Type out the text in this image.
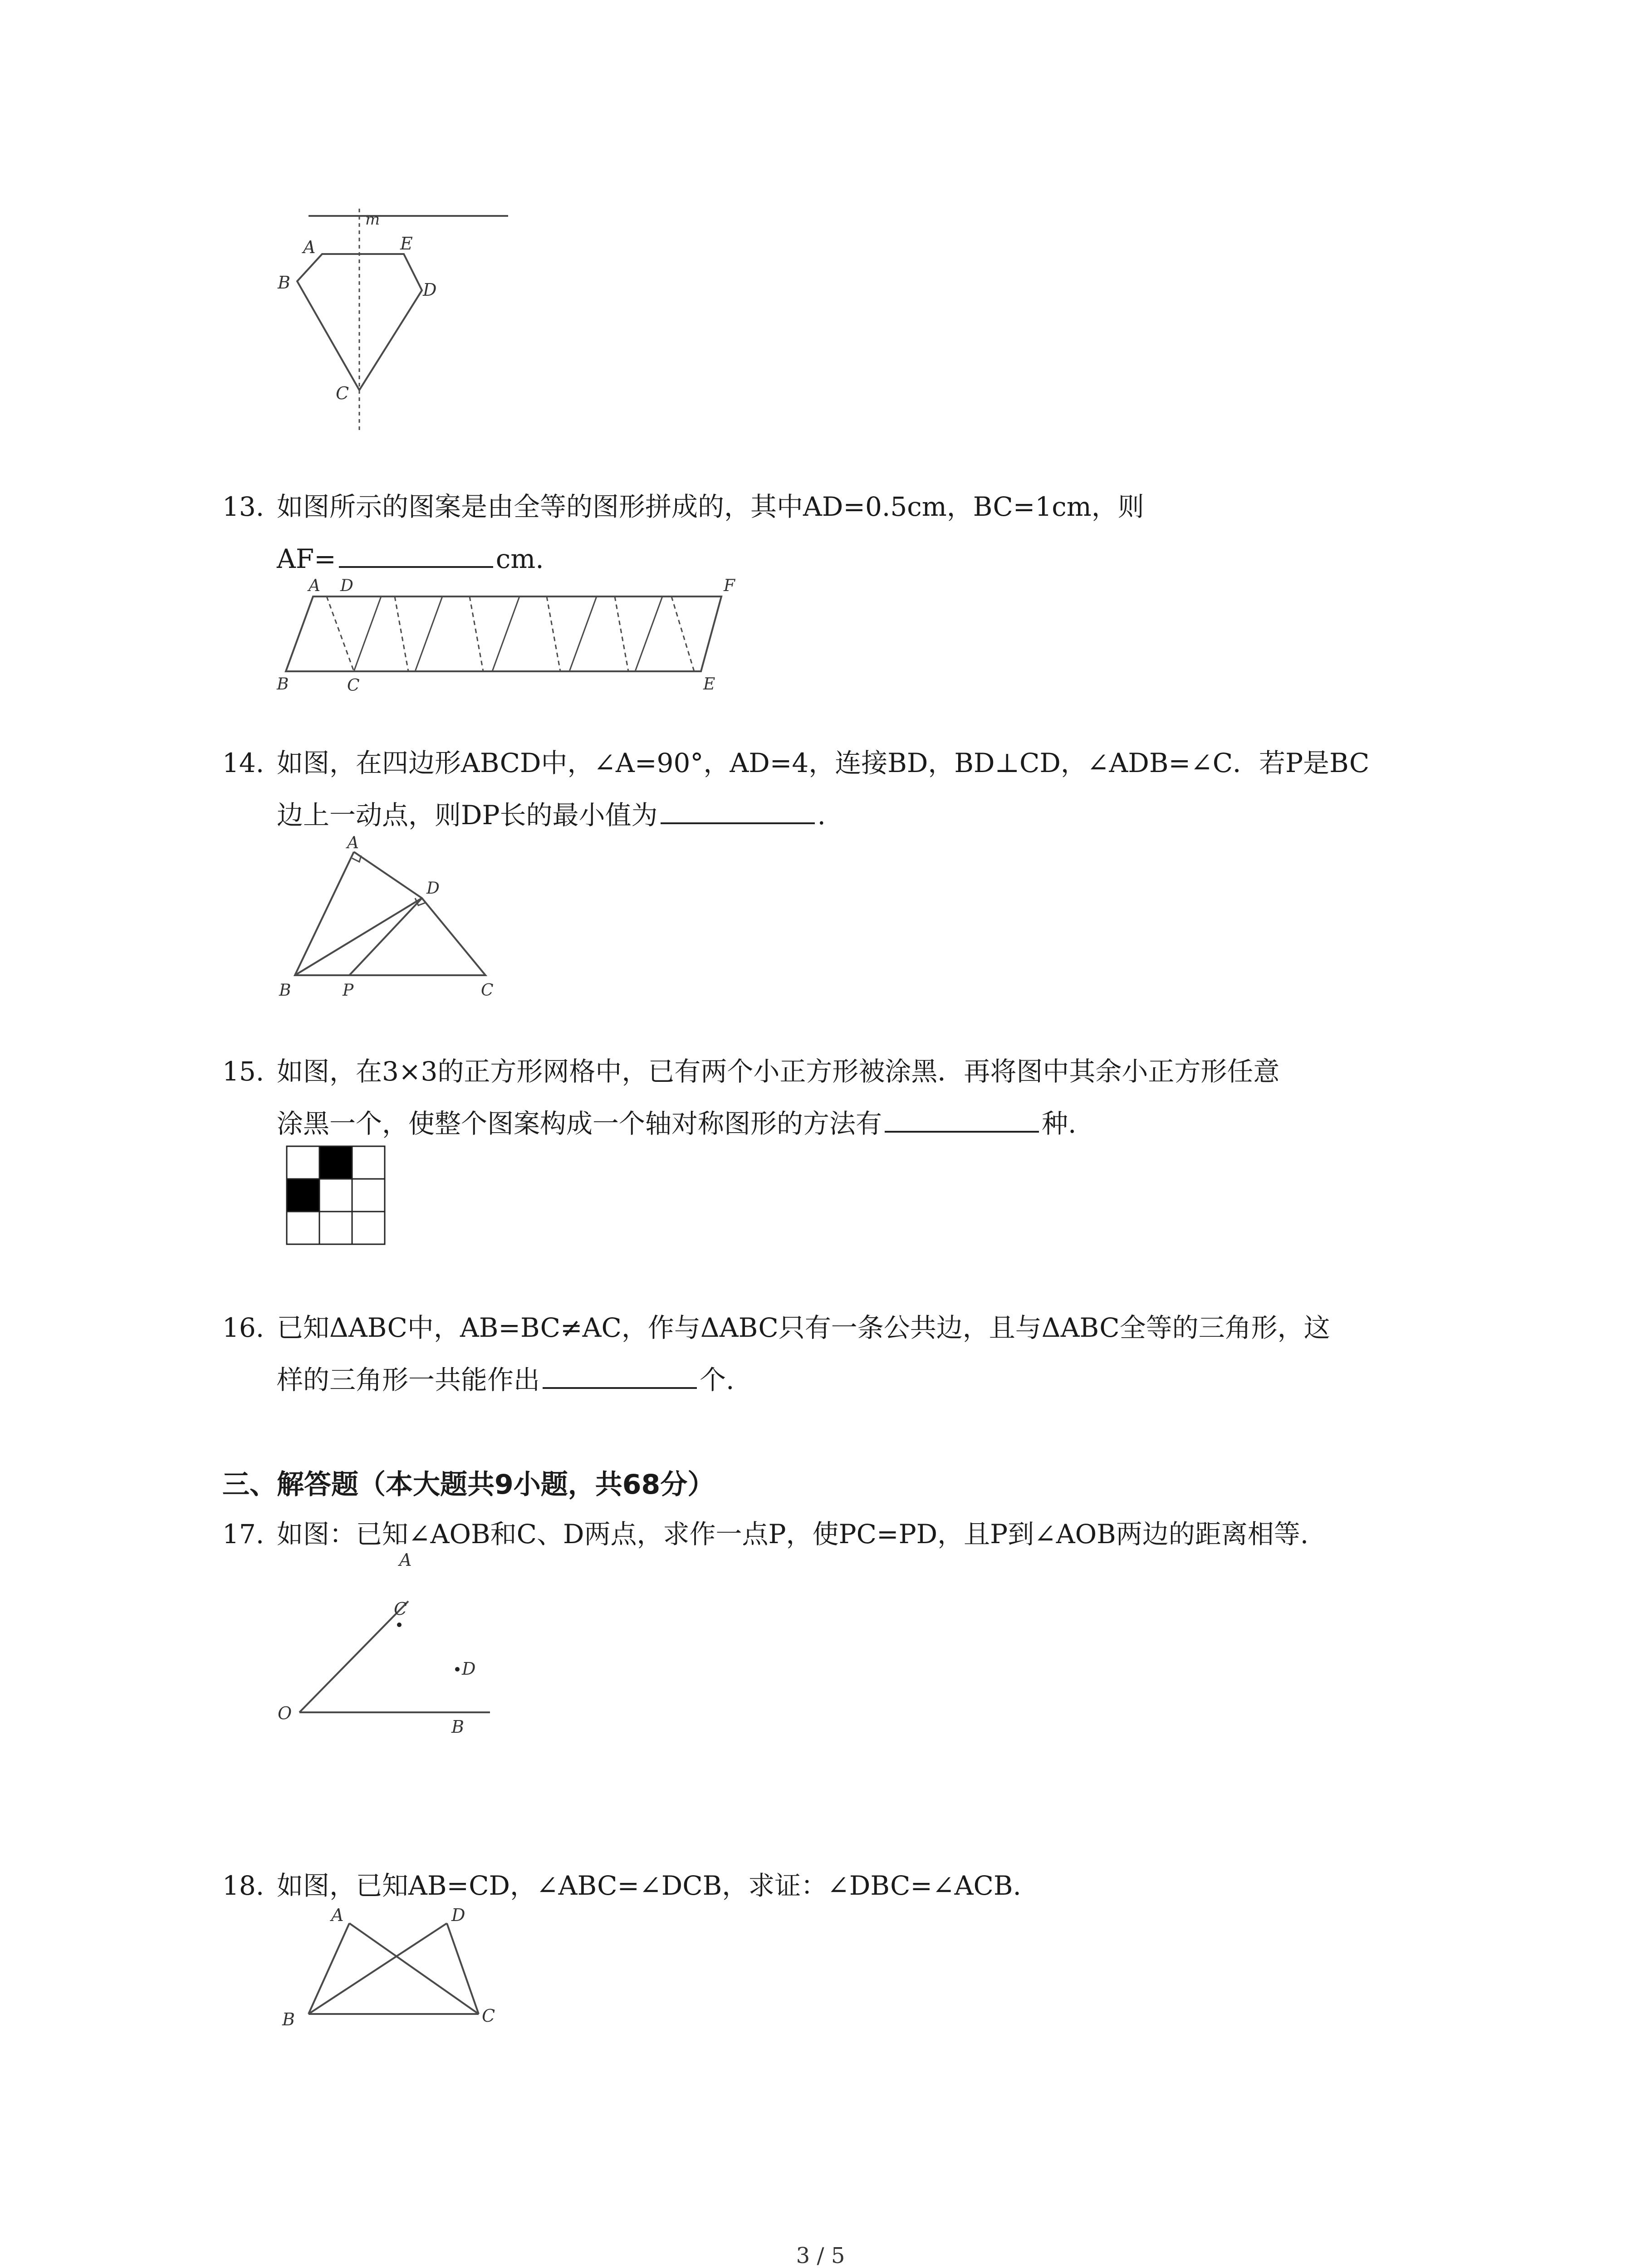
m
A	E
B	D
C
13. 如图所示的图案是由全等的图形拼成的，其中AD=0.5cm，BC=1cm，则
AF=	cm.
A D	F
B	C	E
14. 如图，在四边形ABCD中，∠A=90°，AD=4，连接BD，BD⊥CD，∠ADB=∠C．若P是BC
边上一动点，则DP长的最小值为	.
A
D
B	P	C
15. 如图，在3×3的正方形网格中，已有两个小正方形被涂黑．再将图中其余小正方形任意
涂黑一个，使整个图案构成一个轴对称图形的方法有	种.
16. 已知ΔABC中，AB=BC≠AC，作与ΔABC只有一条公共边，且与ΔABC全等的三角形，这
样的三角形一共能作出	个.
三、解答题（本大题共9小题，共68分）
17. 如图：已知∠AOB和C、D两点，求作一点P，使PC=PD，且P到∠AOB两边的距离相等.
A
C
D
O
B
18. 如图，已知AB=CD，∠ABC=∠DCB，求证：∠DBC=∠ACB.
A	D
B	C
3 / 5
